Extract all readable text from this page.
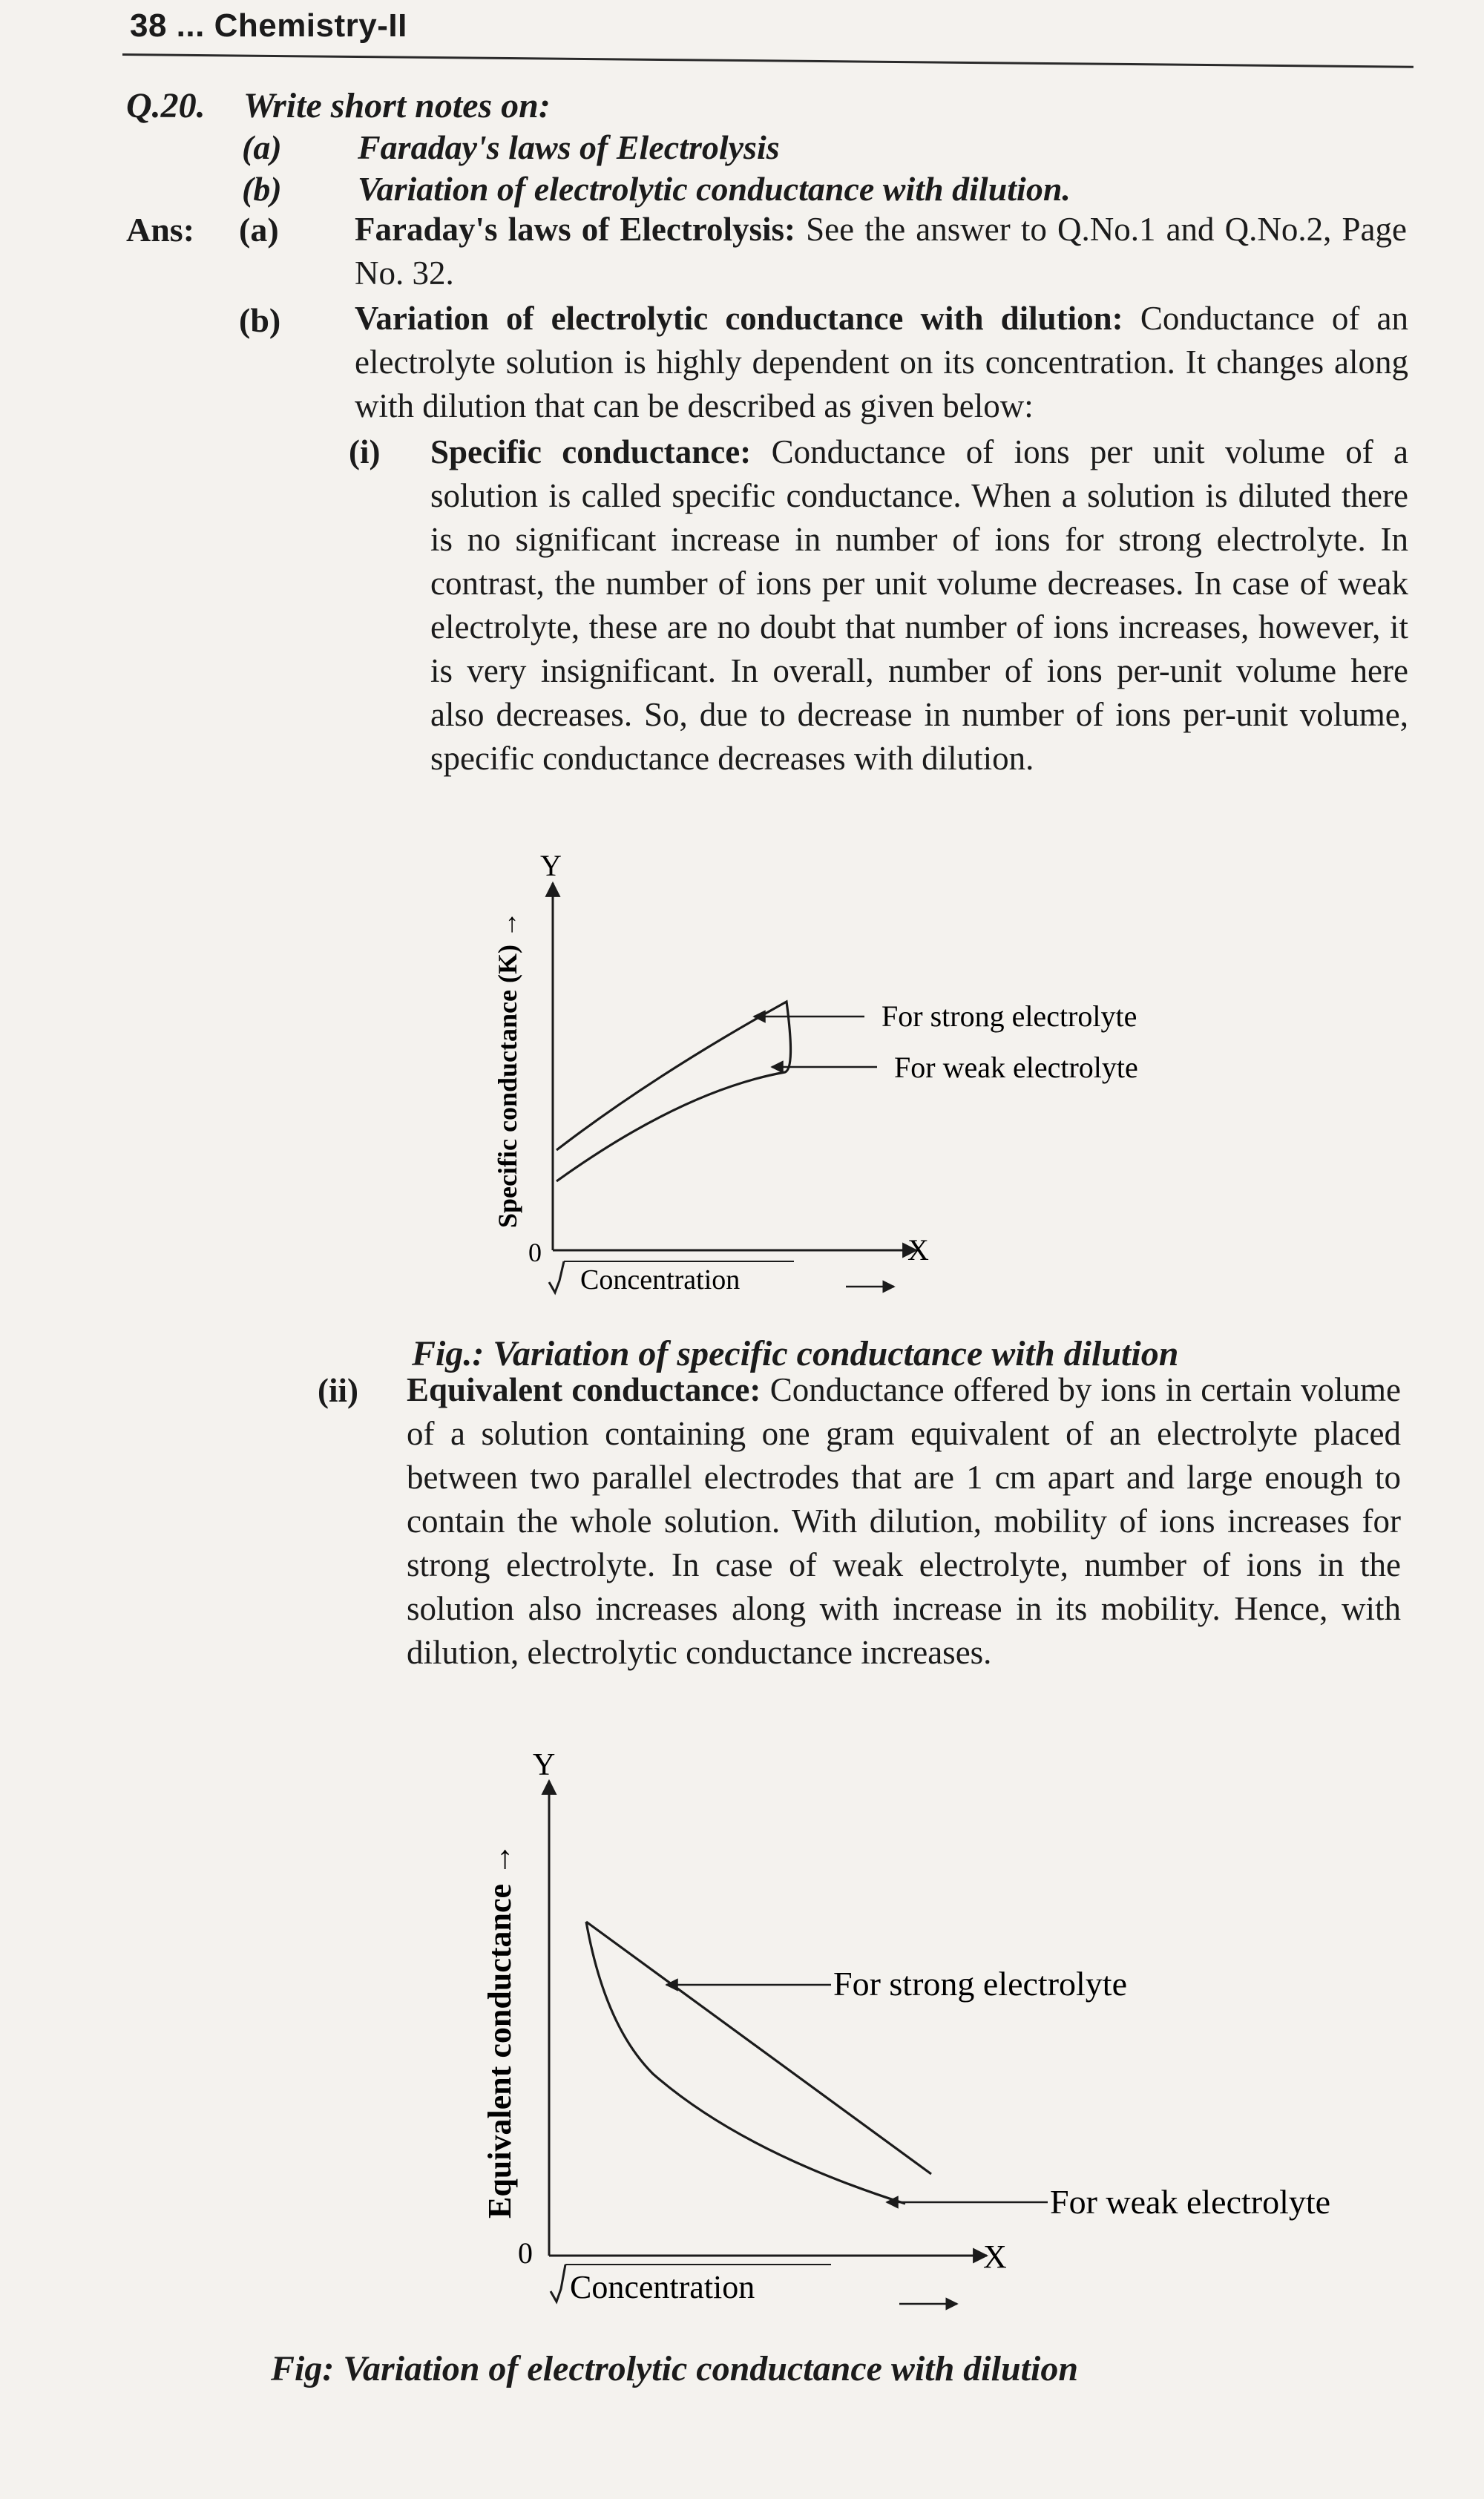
38 ... Chemistry-II
Q.20. Write short notes on:
(a) Faraday's laws of Electrolysis
(b) Variation of electrolytic conductance with dilution.
Ans: (a) Faraday's laws of Electrolysis: See the answer to Q.No.1 and Q.No.2, Page No. 32.

(b) Variation of electrolytic conductance with dilution: Conductance of an electrolyte solution is highly dependent on its concentration. It changes along with dilution that can be described as given below:

(i) Specific conductance: Conductance of ions per unit volume of a solution is called specific conductance. When a solution is diluted there is no significant increase in number of ions for strong electrolyte. In contrast, the number of ions per unit volume decreases. In case of weak electrolyte, these are no doubt that number of ions increases, however, it is very insignificant. In overall, number of ions per-unit volume here also decreases. So, due to decrease in number of ions per-unit volume, specific conductance decreases with dilution.

Y
X
0
Specific conductance (K) →
Concentration
For strong electrolyte
For weak electrolyte
Fig.: Variation of specific conductance with dilution
(ii) Equivalent conductance: Conductance offered by ions in certain volume of a solution containing one gram equivalent of an electrolyte placed between two parallel electrodes that are 1 cm apart and large enough to contain the whole solution. With dilution, mobility of ions increases for strong electrolyte. In case of weak electrolyte, number of ions in the solution also increases along with increase in its mobility. Hence, with dilution, electrolytic conductance increases.

Y
X
0
Equivalent conductance →
Concentration
For strong electrolyte
For weak electrolyte
Fig: Variation of electrolytic conductance with dilution
